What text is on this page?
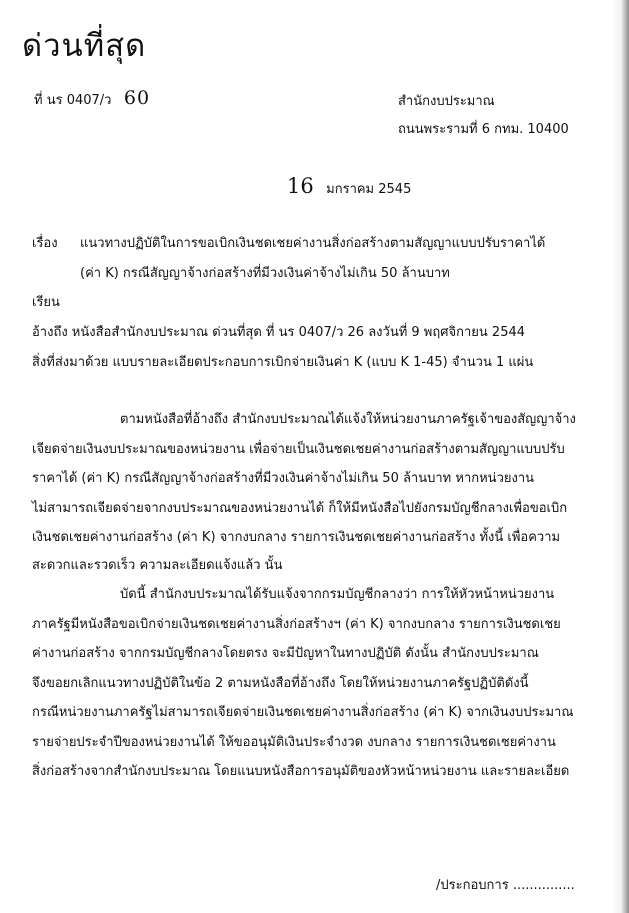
ด่วนที่สุด
ที่ นร 0407/ว 60	สำนักงบประมาณ
ถนนพระรามที่ 6 กทม. 10400
16 มกราคม 2545
เรื่อง แนวทางปฏิบัติในการขอเบิกเงินชดเชยค่างานสิ่งก่อสร้างตามสัญญาแบบปรับราคาได้
(ค่า K) กรณีสัญญาจ้างก่อสร้างที่มีวงเงินค่าจ้างไม่เกิน 50 ล้านบาท
เรียน
อ้างถึง หนังสือสำนักงบประมาณ ด่วนที่สุด ที่ นร 0407/ว 26 ลงวันที่ 9 พฤศจิกายน 2544
สิ่งที่ส่งมาด้วย แบบรายละเอียดประกอบการเบิกจ่ายเงินค่า K (แบบ K 1-45) จำนวน 1 แผ่น
ตามหนังสือที่อ้างถึง สำนักงบประมาณได้แจ้งให้หน่วยงานภาครัฐเจ้าของสัญญาจ้าง
เจียดจ่ายเงินงบประมาณของหน่วยงาน เพื่อจ่ายเป็นเงินชดเชยค่างานก่อสร้างตามสัญญาแบบปรับ
ราคาได้ (ค่า K) กรณีสัญญาจ้างก่อสร้างที่มีวงเงินค่าจ้างไม่เกิน 50 ล้านบาท หากหน่วยงาน
ไม่สามารถเจียดจ่ายจากงบประมาณของหน่วยงานได้ ก็ให้มีหนังสือไปยังกรมบัญชีกลางเพื่อขอเบิก
เงินชดเชยค่างานก่อสร้าง (ค่า K) จากงบกลาง รายการเงินชดเชยค่างานก่อสร้าง ทั้งนี้ เพื่อความ
สะดวกและรวดเร็ว ความละเอียดแจ้งแล้ว นั้น
บัดนี้ สำนักงบประมาณได้รับแจ้งจากกรมบัญชีกลางว่า การให้หัวหน้าหน่วยงาน
ภาครัฐมีหนังสือขอเบิกจ่ายเงินชดเชยค่างานสิ่งก่อสร้างฯ (ค่า K) จากงบกลาง รายการเงินชดเชย
ค่างานก่อสร้าง จากกรมบัญชีกลางโดยตรง จะมีปัญหาในทางปฏิบัติ ดังนั้น สำนักงบประมาณ
จึงขอยกเลิกแนวทางปฏิบัติในข้อ 2 ตามหนังสือที่อ้างถึง โดยให้หน่วยงานภาครัฐปฏิบัติดังนี้
กรณีหน่วยงานภาครัฐไม่สามารถเจียดจ่ายเงินชดเชยค่างานสิ่งก่อสร้าง (ค่า K) จากเงินงบประมาณ
รายจ่ายประจำปีของหน่วยงานได้ ให้ขออนุมัติเงินประจำงวด งบกลาง รายการเงินชดเชยค่างาน
สิ่งก่อสร้างจากสำนักงบประมาณ โดยแนบหนังสือการอนุมัติของหัวหน้าหน่วยงาน และรายละเอียด
/ประกอบการ ...............
